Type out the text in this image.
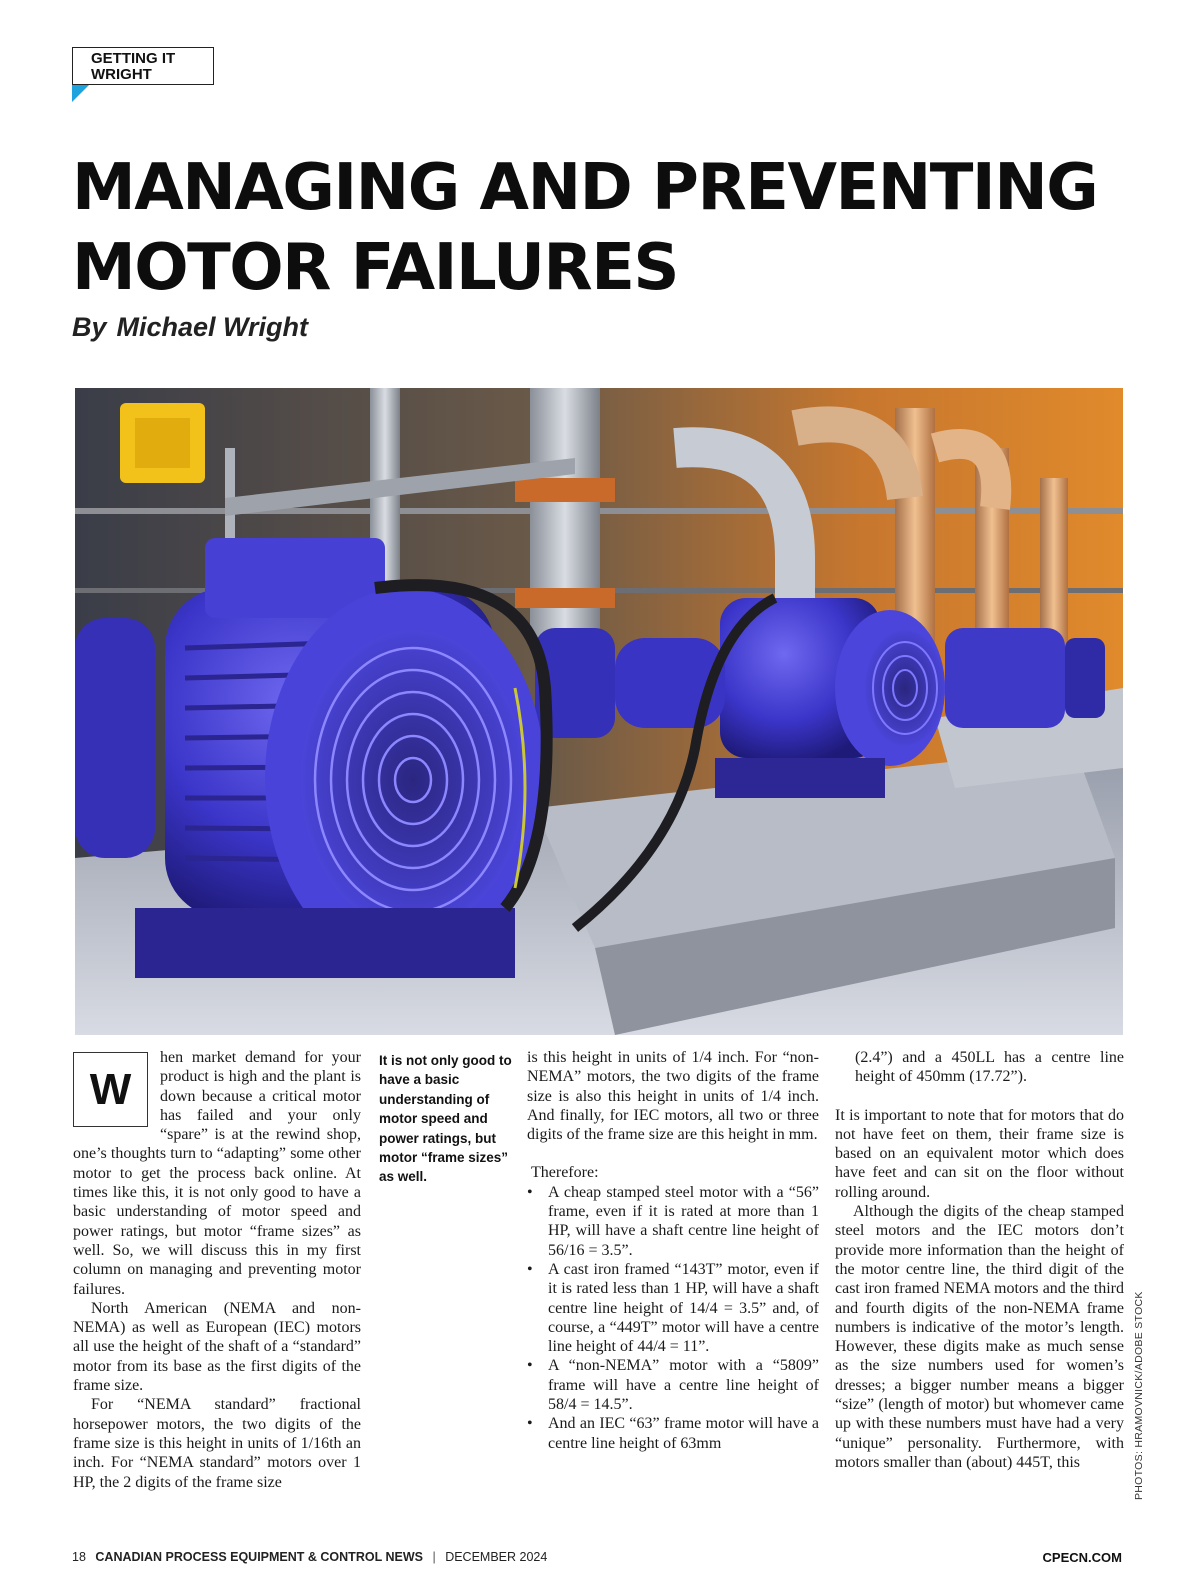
GETTING IT WRIGHT
MANAGING AND PREVENTING MOTOR FAILURES
By Michael Wright
PHOTOS: HRAMOVNICK/ADOBE STOCK
W

hen market demand for your product is high and the plant is down because a critical motor has failed and your only “spare” is at the rewind shop, one’s thoughts turn to “adapting” some other motor to get the process back online. At times like this, it is not only good to have a basic understanding of motor speed and power ratings, but motor “frame sizes” as well. So, we will discuss this in my first column on managing and preventing motor failures.

North American (NEMA and non-NEMA) as well as European (IEC) motors all use the height of the shaft of a “standard” motor from its base as the first digits of the frame size.

For “NEMA standard” fractional horsepower motors, the two digits of the frame size is this height in units of 1/16th an inch. For “NEMA standard” motors over 1 HP, the 2 digits of the frame size

It is not only good to have a basic understanding of motor speed and power ratings, but motor “frame sizes” as well.

is this height in units of 1/4 inch. For “non-NEMA” motors, the two digits of the frame size is also this height in units of 1/4 inch. And finally, for IEC motors, all two or three digits of the frame size are this height in mm.

Therefore:

• A cheap stamped steel motor with a “56” frame, even if it is rated at more than 1 HP, will have a shaft centre line height of 56/16 = 3.5”.
• A cast iron framed “143T” motor, even if it is rated less than 1 HP, will have a shaft centre line height of 14/4 = 3.5” and, of course, a “449T” motor will have a centre line height of 44/4 = 11”.
• A “non-NEMA” motor with a “5809” frame will have a centre line height of 58/4 = 14.5”.
• And an IEC “63” frame motor will have a centre line height of 63mm

(2.4”) and a 450LL has a centre line height of 450mm (17.72”).

It is important to note that for motors that do not have feet on them, their frame size is based on an equivalent motor which does have feet and can sit on the floor without rolling around.

Although the digits of the cheap stamped steel motors and the IEC motors don’t provide more information than the height of the motor centre line, the third digit of the cast iron framed NEMA motors and the third and fourth digits of the non-NEMA frame numbers is indicative of the motor’s length. However, these digits make as much sense as the size numbers used for women’s dresses; a bigger number means a bigger “size” (length of motor) but whomever came up with these numbers must have had a very “unique” personality. Furthermore, with motors smaller than (about) 445T, this

18 CANADIAN PROCESS EQUIPMENT & CONTROL NEWS | DECEMBER 2024	CPECN.COM
